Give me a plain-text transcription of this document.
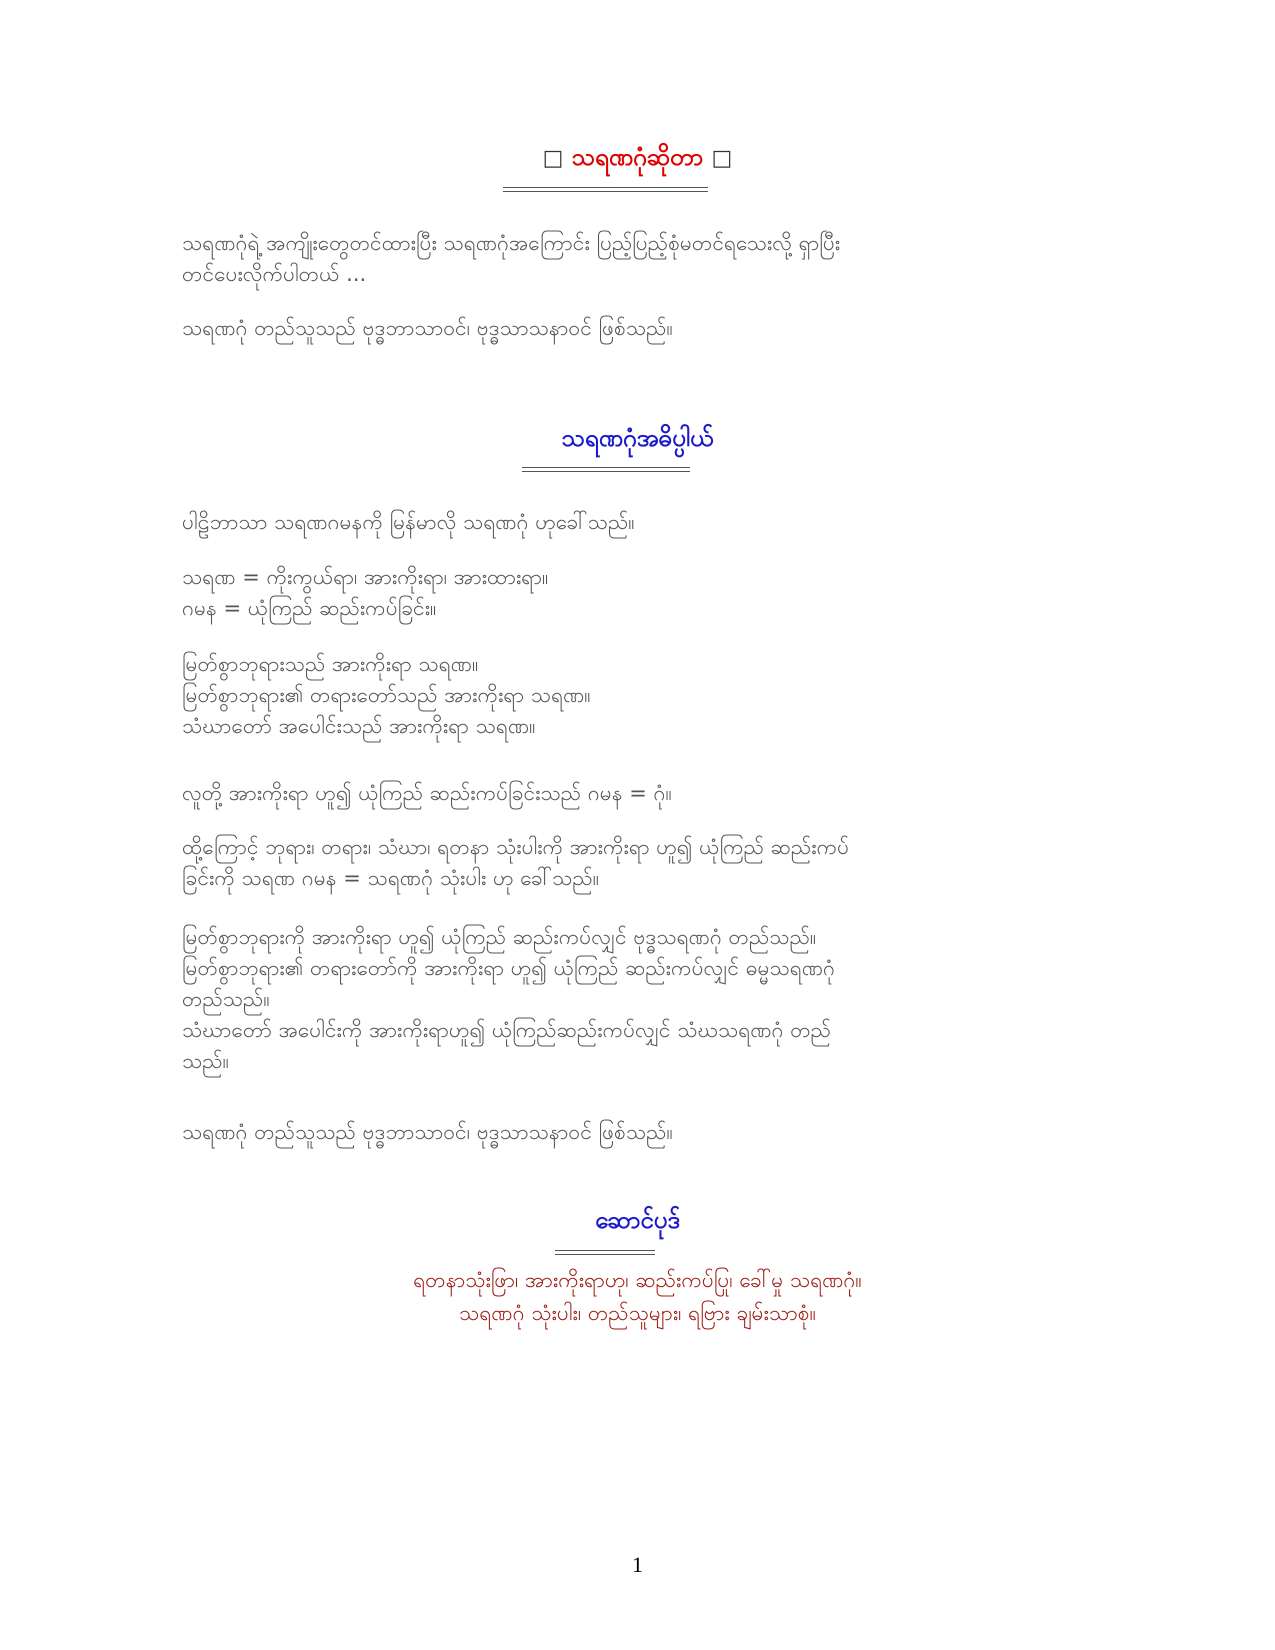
□ သရဏဂုံဆိုတာ □
သရဏဂုံရဲ့ အကျိုးတွေတင်ထားပြီး သရဏဂုံအကြောင်း ပြည့်ပြည့်စုံမတင်ရသေးလို့ ရှာပြီး
တင်ပေးလိုက်ပါတယ် ...
သရဏဂုံ တည်သူသည် ဗုဒ္ဓဘာသာဝင်၊ ဗုဒ္ဓသာသနာဝင် ဖြစ်သည်။
သရဏဂုံအဓိပ္ပါယ်
ပါဠိဘာသာ သရဏဂမနကို မြန်မာလို သရဏဂုံ ဟုခေါ်သည်။
သရဏ = ကိုးကွယ်ရာ၊ အားကိုးရာ၊ အားထားရာ။
ဂမန = ယုံကြည် ဆည်းကပ်ခြင်း။
မြတ်စွာဘုရားသည် အားကိုးရာ သရဏ။
မြတ်စွာဘုရား၏ တရားတော်သည် အားကိုးရာ သရဏ။
သံဃာတော် အပေါင်းသည် အားကိုးရာ သရဏ။
လူတို့ အားကိုးရာ ဟူ၍ ယုံကြည် ဆည်းကပ်ခြင်းသည် ဂမန = ဂုံ။
ထို့ကြောင့် ဘုရား၊ တရား၊ သံဃာ၊ ရတနာ သုံးပါးကို အားကိုးရာ ဟူ၍ ယုံကြည် ဆည်းကပ်
ခြင်းကို သရဏ ဂမန = သရဏဂုံ သုံးပါး ဟု ခေါ်သည်။
မြတ်စွာဘုရားကို အားကိုးရာ ဟူ၍ ယုံကြည် ဆည်းကပ်လျှင် ဗုဒ္ဓသရဏဂုံ တည်သည်။
မြတ်စွာဘုရား၏ တရားတော်ကို အားကိုးရာ ဟူ၍ ယုံကြည် ဆည်းကပ်လျှင် ဓမ္မသရဏဂုံ
တည်သည်။
သံဃာတော် အပေါင်းကို အားကိုးရာဟူ၍ ယုံကြည်ဆည်းကပ်လျှင် သံဃသရဏဂုံ တည်
သည်။
သရဏဂုံ တည်သူသည် ဗုဒ္ဓဘာသာဝင်၊ ဗုဒ္ဓသာသနာဝင် ဖြစ်သည်။
ဆောင်ပုဒ်
ရတနာသုံးဖြာ၊ အားကိုးရာဟု၊ ဆည်းကပ်ပြု၊ ခေါ်မှု သရဏဂုံ။
သရဏဂုံ သုံးပါး၊ တည်သူများ၊ ရဗြား ချမ်းသာစုံ။
1
